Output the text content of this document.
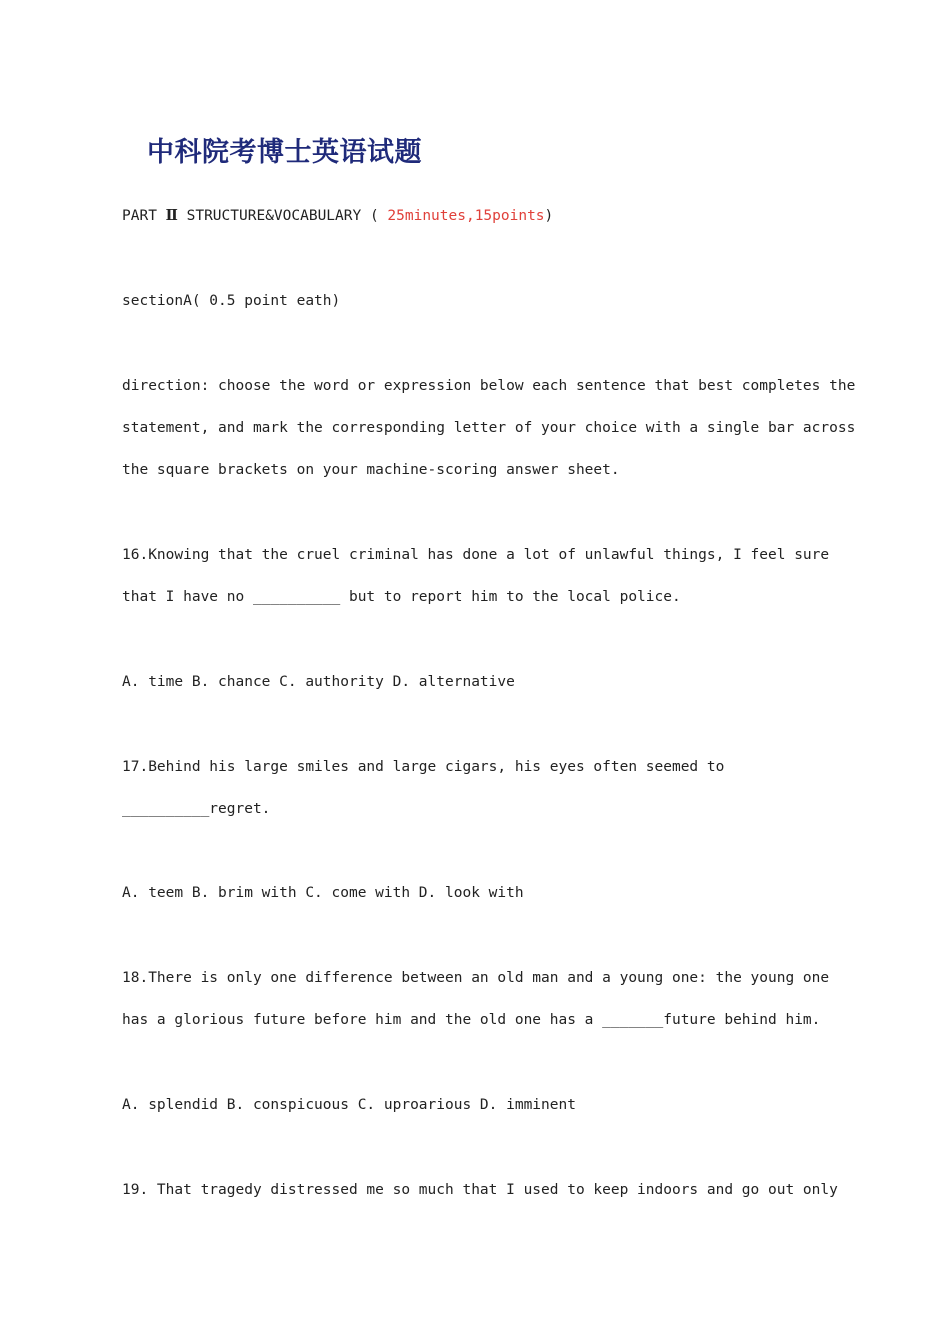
中科院考博士英语试题
PART Ⅱ STRUCTURE&VOCABULARY ( 25minutes,15points)
sectionA( 0.5 point eath)
direction: choose the word or expression below each sentence that best completes the
statement, and mark the corresponding letter of your choice with a single bar across
the square brackets on your machine-scoring answer sheet.
16.Knowing that the cruel criminal has done a lot of unlawful things, I feel sure
that I have no __________ but to report him to the local police.
A. time B. chance C. authority D. alternative
17.Behind his large smiles and large cigars, his eyes often seemed to
__________regret.
A. teem B. brim with C. come with D. look with
18.There is only one difference between an old man and a young one: the young one
has a glorious future before him and the old one has a _______future behind him.
A. splendid B. conspicuous C. uproarious D. imminent
19. That tragedy distressed me so much that I used to keep indoors and go out only
